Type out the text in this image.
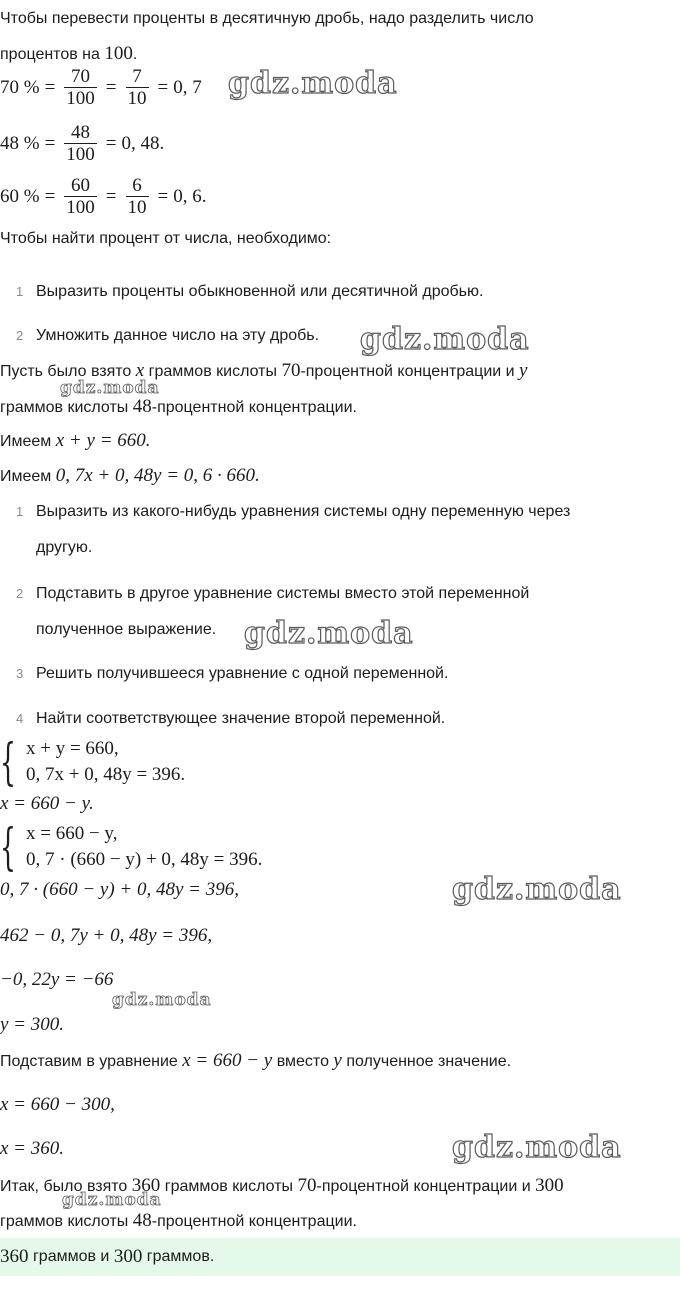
Чтобы перевести проценты в десятичную дробь, надо разделить число
процентов на 100.
70 % = $\frac{70}{100} = \frac{7}{10} = 0$, 7
48 % = $\frac{48}{100} = 0$, 48.
60 % = $\frac{60}{100} = \frac{6}{10} = 0$, 6.
Чтобы найти процент от числа, необходимо:
1 Выразить проценты обыкновенной или десятичной дробью.
2 Умножить данное число на эту дробь.
Пусть было взято x граммов кислоты 70-процентной концентрации и y
граммов кислоты 48-процентной концентрации.
Имеем x + y = 660.
Имеем 0, 7x + 0, 48y = 0, 6 · 660.
1 Выразить из какого-нибудь уравнения системы одну переменную через
другую.
2 Подставить в другое уравнение системы вместо этой переменной
полученное выражение.
3 Решить получившееся уравнение с одной переменной.
4 Найти соответствующее значение второй переменной.
{ x + y = 660,
0, 7x + 0, 48y = 396.
x = 660 − y.
{ x = 660 − y,
0, 7 · (660 − y) + 0, 48y = 396.
0, 7 · (660 − y) + 0, 48y = 396,
462 − 0, 7y + 0, 48y = 396,
−0, 22y = −66
y = 300.
Подставим в уравнение x = 660 − y вместо y полученное значение.
x = 660 − 300,
x = 360.
Итак, было взято 360 граммов кислоты 70-процентной концентрации и 300
граммов кислоты 48-процентной концентрации.
360
граммов и
300
граммов.
gdz.moda
gdz.moda
gdz.moda
gdz.moda
gdz.moda
gdz.moda
gdz.moda
gdz.moda
